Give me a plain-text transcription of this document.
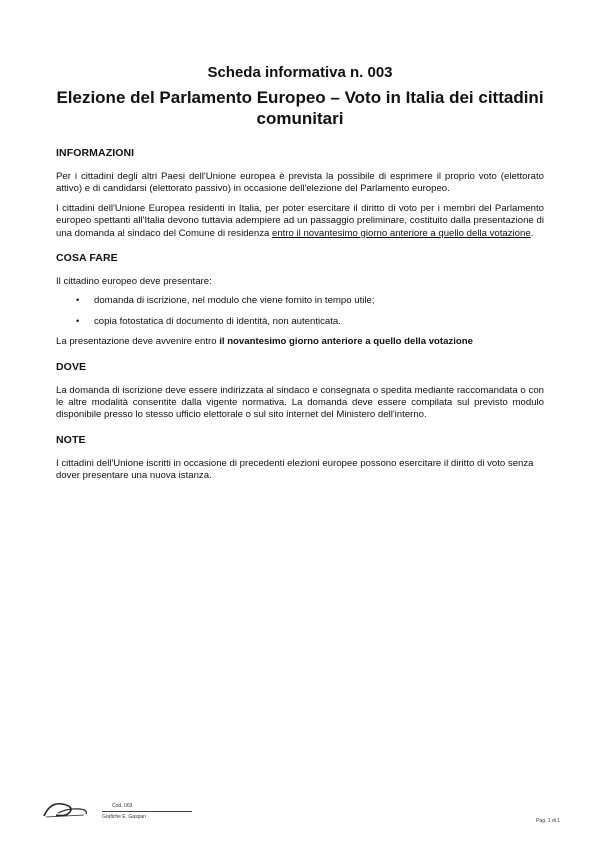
Scheda informativa n. 003
Elezione del Parlamento Europeo – Voto in Italia dei cittadini comunitari
INFORMAZIONI

Per i cittadini degli altri Paesi dell'Unione europea è prevista la possibile di esprimere il proprio voto (elettorato attivo) e di candidarsi (elettorato passivo) in occasione dell'elezione del Parlamento europeo.

I cittadini dell'Unione Europea residenti in Italia, per poter esercitare il diritto di voto per i membri del Parlamento europeo spettanti all'Italia devono tuttavia adempiere ad un passaggio preliminare, costituito dalla presentazione di una domanda al sindaco del Comune di residenza entro il novantesimo giorno anteriore a quello della votazione.

COSA FARE

Il cittadino europeo deve presentare:

• domanda di iscrizione, nel modulo che viene fornito in tempo utile;
• copia fotostatica di documento di identità, non autenticata.

La presentazione deve avvenire entro il novantesimo giorno anteriore a quello della votazione

DOVE

La domanda di iscrizione deve essere indirizzata al sindaco e consegnata o spedita mediante raccomandata o con le altre modalità consentite dalla vigente normativa. La domanda deve essere compilata sul previsto modulo disponibile presso lo stesso ufficio elettorale o sul sito internet del Ministero dell'interno.

NOTE

I cittadini dell'Unione iscritti in occasione di precedenti elezioni europee possono esercitare il diritto di voto senza dover presentare una nuova istanza.

Cod. 003
Grafiche E. Gaspari
Pag. 1 di 1
